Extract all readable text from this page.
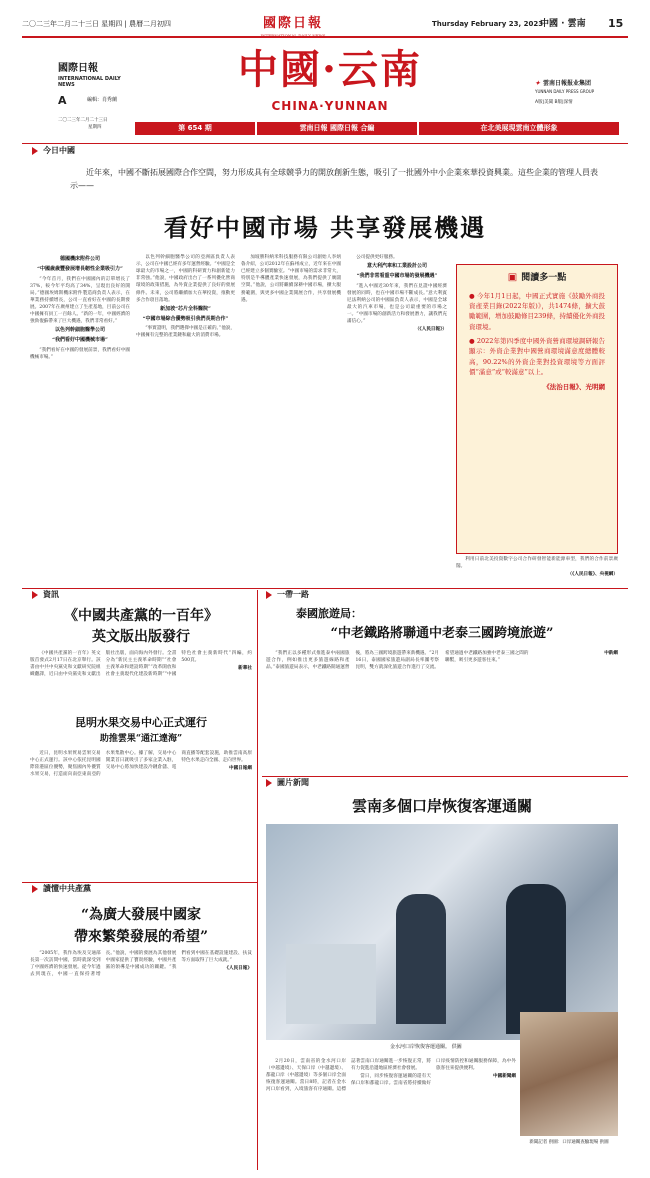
二〇二三年二月二十三日 星期四 | 農曆二月初四	國際日報
INTERNATIONAL DAILY NEWS
Thursday February 23, 2023
中國 · 雲南 15
國際日報
INTERNATIONAL DAILY NEWS
A	編輯：肖秀蘭
二〇二三年二月二十三日
星期四
中國·云南
CHINA·YUNNAN
第 654 期	雲南日報 國際日報 合編	在北美展現雲南立體形象
✦ 雲南日報报业集团
YUNNAN DAILY PRESS GROUP
A版|美聞 B版|深情
今日中國
近年來，中國不斷拓展國際合作空間，努力形成具有全球競爭力的開放創新生態，吸引了一批國外中小企業來華投資興業。這些企業的管理人員表示——
看好中國市場 共享發展機遇
德國機床附件公司
“中國歲歲豐發展增長韌性企業吸引力”

“今年首月，我們在中國國內的訂單增長了37%，較今年平均高了34%，呈現出良好的開局。”德國埃姆斯機床附件製造商負責人表示，在華業務持續增長，公司一直看好在中國的長期發展。2007年在廣州建立了生產基地，目前公司在中國擁有員工一百餘人。“新的一年，中國經濟的強勁復蘇帶來了巨大機遇，我們非常看好。”

以色列幹細胞醫學公司
“我們看好中國機械市場”

“我們看好在中國的發展前景，我們看好中國機械市場。”

以色列幹細胞醫學公司的亞洲區負責人表示，公司在中國已經有多年運營經驗。“中國是全球最大的市場之一，中國的科研實力和創新能力非常強。”他說，中國政府出台了一系列優化營商環境的政策措施，為外資企業提供了良好的發展條件。未來，公司將繼續加大在華投資，推動更多合作項目落地。

新加坡“芯片全科醫院”
“中國市場綜合優勢吸引我們長期合作”

“事實證明，我們選擇中國是正確的。”他說，中國擁有完整的產業鏈和龐大的消費市場。

加坡勝科納米科技服務有限公司創始人李炳魯介紹，公司2012年在蘇州成立，近年來在中國已經建立多個實驗室。“中國市場的需求非常大，特別是半導體產業快速發展，為我們提供了廣闊空間。”他說，公司將繼續深耕中國市場，擴大服務範圍，與更多中國企業開展合作，共享發展機遇。

公司提供更好服務。

意大利汽車和工業設計公司
“我們非常看重中國市場的發展機遇”

“進入中國近30年來，我們在見證中國經濟發展的同時，也在中國市場不斷成長。”意大利賓尼法利納公司的中國區負責人表示，中國是全球最大的汽車市場，也是公司最重要的市場之一。“中國市場的創新活力和發展潛力，讓我們充滿信心。”

（《人民日報》）
▣ 閱讀多一點
● 今年1月1日起，中國正式實施《鼓勵外商投資產業目錄(2022年版)》，共1474條，擴大鼓勵範圍，增加鼓勵條目239條，持續優化外商投資環境。
● 2022年第四季度中國外資營商環境調研報告顯示：外資企業對中國營商環境滿意度總體較高，90.22%的外資企業對投資環境等方面評價“滿意”或“較滿意”以上。
《法治日報》、光明網

利用日前北美投資數字公司合作研發智能新能源車型，我們的合作前景廣闊。

（《人民日報》、央視網）
資訊
《中國共產黨的一百年》
英文版出版發行

《中國共產黨的一百年》英文版首發式2月17日在北京舉行。該書由中共中央黨史和文獻研究院組織翻譯，近日由中央黨史和文獻出版社出版，面向海內外發行。全書分為“新民主主義革命時期”“社會主義革命和建設時期”“改革開放和社會主義現代化建設新時期”“中國特色社會主義新時代”四編，約500頁。

新華社
昆明水果交易中心正式運行
助推雲果“通江達海”

近日，昆明水果貿易雲果交易中心正式運行。該中心依托昆明國際陸港區位優勢，聚焦國內外優質水果交易，打造面向南亞東南亞的水果集散中心。據了解，交易中心開業首日就吸引了多家企業入駐，交易中心將加快建設冷鏈倉儲、電商直播等配套設施，助推雲南高原特色水果走向全國、走向世界。

中國日報網
讀懂中共產黨
“為廣大發展中國家
帶來繁榮發展的希望”

“2005年，我作為埃及交通部長第一次訪問中國，當時就深受到了中國經濟的快速發展。從今年過去到現在，中國一直保持著增長。”他說，中國的發展為其他發展中國家提供了寶貴經驗，中國共產黨的領導是中國成功的關鍵。“我們看到中國在基礎設施建設、扶貧等方面取得了巨大成就。”

《人民日報》
一帶一路
泰國旅遊局：
“中老鐵路將聯通中老泰三國跨境旅遊”

“我們正以多種形式推進泰中兩國旅遊合作，例如推出更多旅遊線路和產品。”泰國旅遊局表示，中老鐵路開通運營後，將為三國跨境旅遊帶來新機遇。“2月16日，泰國國家旅遊局副局長率團考察昆明，雙方就深化旅遊合作進行了交流。希望通過中老鐵路加強中老泰三國之間的聯繫，吸引更多遊客往來。”

中新網
圖片新聞
雲南多個口岸恢復客運通關
金水河口岸恢復客運通關。 供圖

2月20日，雲南省的金水河口岸（中越邊境）、天保口岸（中越邊境）、都龍口岸（中越邊境）等多個口岸全面恢復客運通關。當日8時，記者在金水河口岸看到，入境旅客有序通關。這標誌著雲南口岸通關進一步恢復正常，將有力促進沿邊地區經濟社會發展。

當日，同步恢復客運通關的還有天保口岸和都龍口岸。雲南省將持續做好口岸疫情防控和通關服務保障，為中外旅客往來提供便利。

中國新聞網
新聞記者 供圖：口岸通關查驗現場 供圖
